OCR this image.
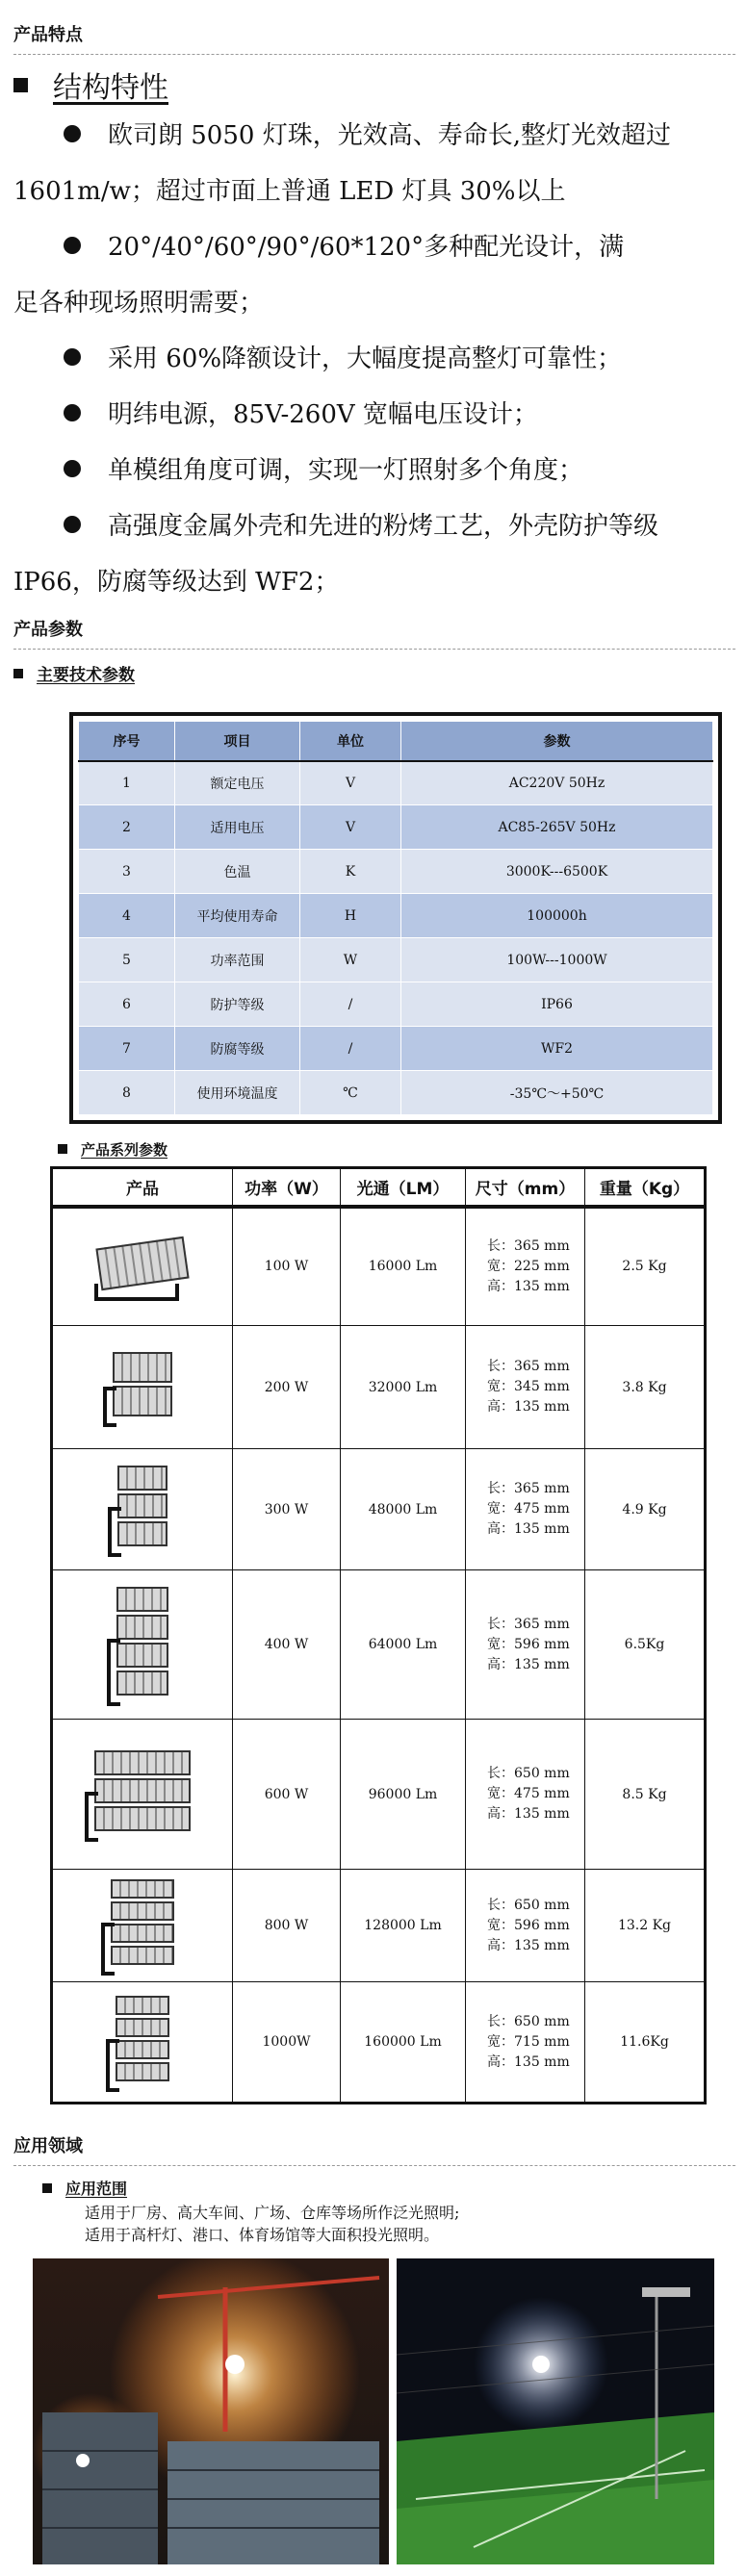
产品特点
结构特性
欧司朗 5050 灯珠，光效高、寿命长,整灯光效超过
1601m/w；超过市面上普通 LED 灯具 30%以上
20°/40°/60°/90°/60*120°多种配光设计，满
足各种现场照明需要；
采用 60%降额设计，大幅度提高整灯可靠性；
明纬电源，85V-260V 宽幅电压设计；
单模组角度可调，实现一灯照射多个角度；
高强度金属外壳和先进的粉烤工艺，外壳防护等级
IP66，防腐等级达到 WF2；
产品参数
主要技术参数
序号	项目	单位	参数
1	额定电压	V	AC220V 50Hz
2	适用电压	V	AC85-265V 50Hz
3	色温	K	3000K---6500K
4	平均使用寿命	H	100000h
5	功率范围	W	100W---1000W
6	防护等级	/	IP66
7	防腐等级	/	WF2
8	使用环境温度	℃	-35℃～+50℃
产品系列参数
产品	功率（W）	光通（LM）	尺寸（mm）	重量（Kg）

	100 W	16000 Lm	长：365 mm
宽：225 mm
高：135 mm	2.5 Kg

	200 W	32000 Lm	长：365 mm
宽：345 mm
高：135 mm	3.8 Kg

	300 W	48000 Lm	长：365 mm
宽：475 mm
高：135 mm	4.9 Kg

	400 W	64000 Lm	长：365 mm
宽：596 mm
高：135 mm	6.5Kg

	600 W	96000 Lm	长：650 mm
宽：475 mm
高：135 mm	8.5 Kg

	800 W	128000 Lm	长：650 mm
宽：596 mm
高：135 mm	13.2 Kg

	1000W	160000 Lm	长：650 mm
宽：715 mm
高：135 mm	11.6Kg
应用领域
应用范围
适用于厂房、高大车间、广场、仓库等场所作泛光照明;
适用于高杆灯、港口、体育场馆等大面积投光照明。
